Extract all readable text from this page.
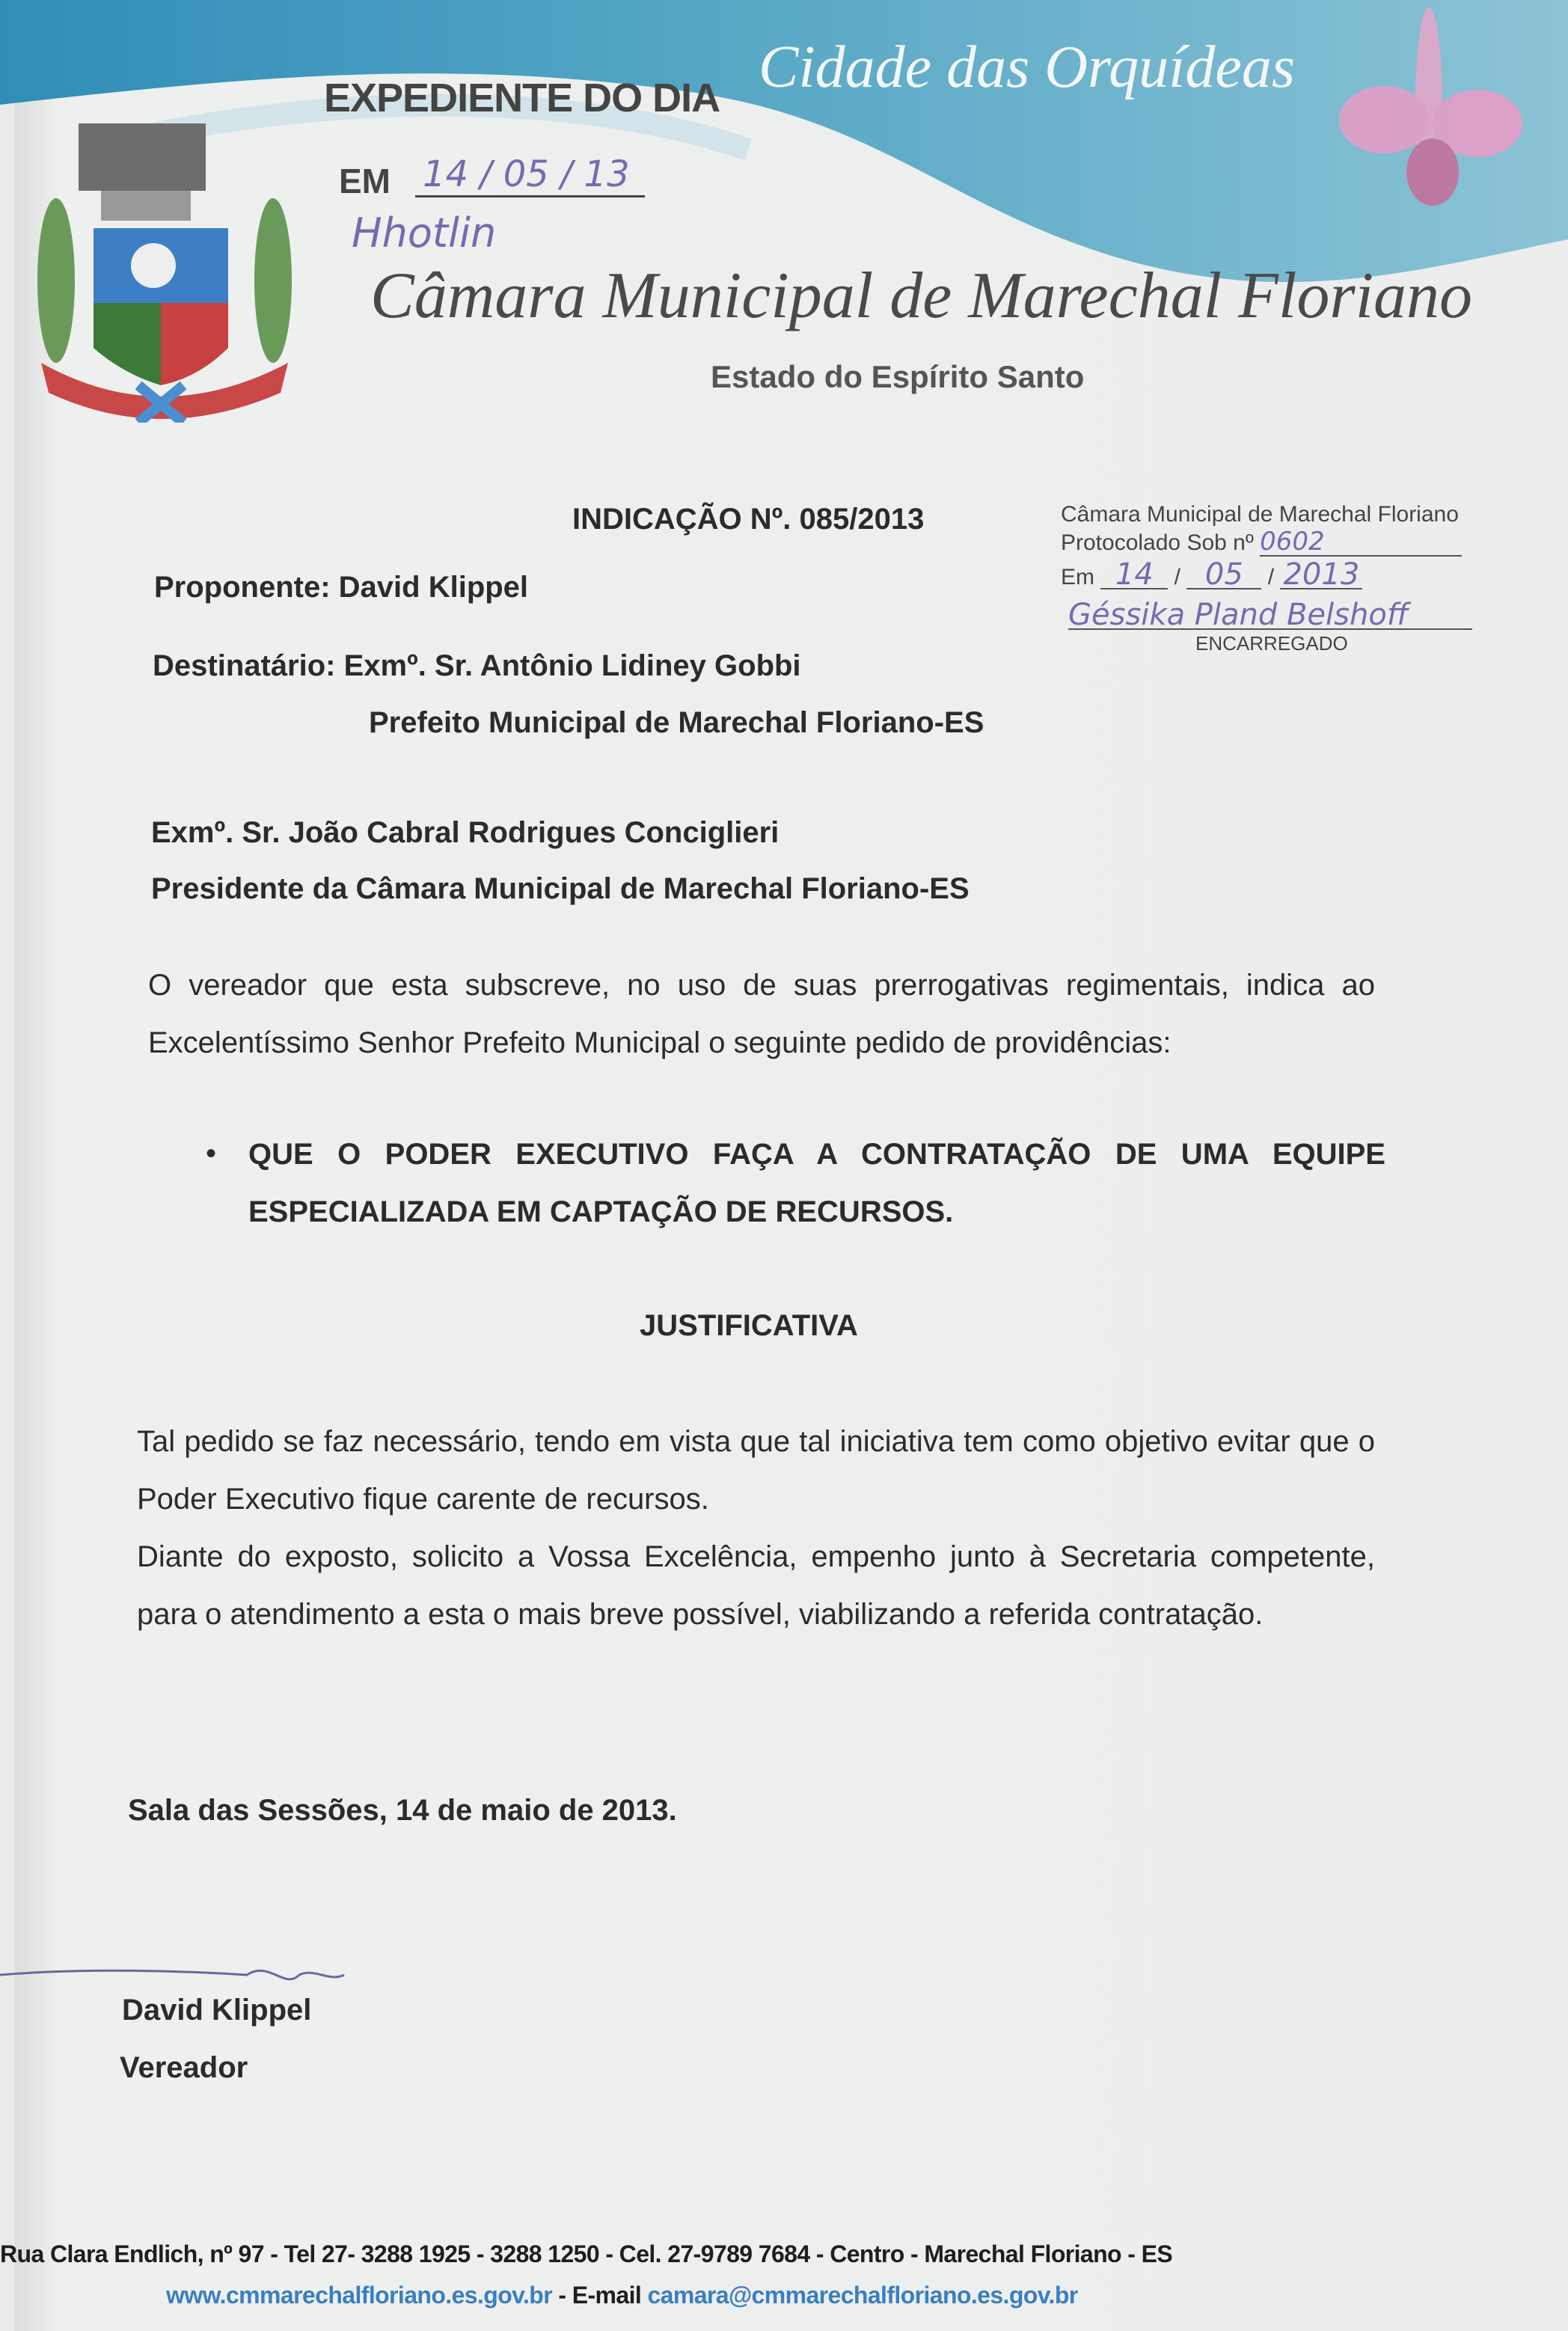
EXPEDIENTE DO DIA Cidade das Orquídeas
EM 14 / 05 / 13
ᕼhotlin
Câmara Municipal de Marechal Floriano
Estado do Espírito Santo
Câmara Municipal de Marechal Floriano
Protocolado Sob nº 0602
Em 14 / 05 / 2013
Géssika Pland Belshoff
ENCARREGADO
INDICAÇÃO Nº. 085/2013
Proponente: David Klippel
Destinatário: Exmº. Sr. Antônio Lidiney Gobbi
Prefeito Municipal de Marechal Floriano-ES
Exmº. Sr. João Cabral Rodrigues Conciglieri
Presidente da Câmara Municipal de Marechal Floriano-ES
O vereador que esta subscreve, no uso de suas prerrogativas regimentais, indica ao Excelentíssimo Senhor Prefeito Municipal o seguinte pedido de providências:
• QUE O PODER EXECUTIVO FAÇA A CONTRATAÇÃO DE UMA EQUIPE ESPECIALIZADA EM CAPTAÇÃO DE RECURSOS.
JUSTIFICATIVA
Tal pedido se faz necessário, tendo em vista que tal iniciativa tem como objetivo evitar que o Poder Executivo fique carente de recursos.
Diante do exposto, solicito a Vossa Excelência, empenho junto à Secretaria competente, para o atendimento a esta o mais breve possível, viabilizando a referida contratação.
Sala das Sessões, 14 de maio de 2013.
David Klippel
Vereador
Rua Clara Endlich, nº 97 - Tel 27- 3288 1925 - 3288 1250 - Cel. 27-9789 7684 - Centro - Marechal Floriano - ES
www.cmmarechalfloriano.es.gov.br - E-mail camara@cmmarechalfloriano.es.gov.br
